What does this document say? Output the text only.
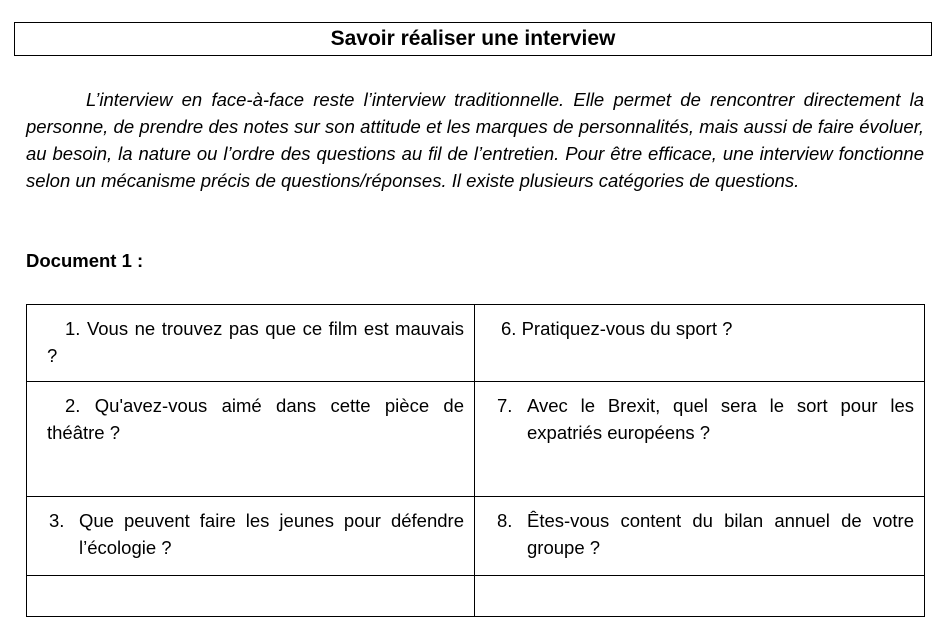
Savoir réaliser une interview

L’interview en face-à-face reste l’interview traditionnelle. Elle permet de rencontrer directement la personne, de prendre des notes sur son attitude et les marques de personnalités, mais aussi de faire évoluer, au besoin, la nature ou l’ordre des questions au fil de l’entretien. Pour être efficace, une interview fonctionne selon un mécanisme précis de questions/réponses. Il existe plusieurs catégories de questions.

Document 1 :
1. Vous ne trouvez pas que ce film est mauvais ?	6. Pratiquez-vous du sport ?
2. Qu'avez-vous aimé dans cette pièce de théâtre ?	7. Avec le Brexit, quel sera le sort pour les expatriés européens ?

3. Que peuvent faire les jeunes pour défendre l’écologie ?	8. Êtes-vous content du bilan annuel de votre groupe ?
